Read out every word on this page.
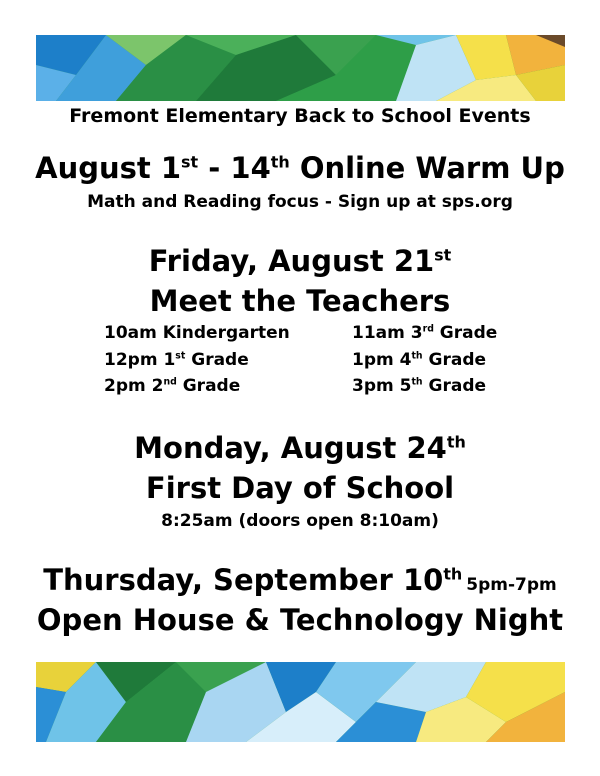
Fremont Elementary Back to School Events
August 1st - 14th Online Warm Up
Math and Reading focus - Sign up at sps.org
Friday, August 21st
Meet the Teachers
10am Kindergarten	11am 3rd Grade
12pm 1st Grade	1pm 4th Grade
2pm 2nd Grade	3pm 5th Grade
Monday, August 24th
First Day of School
8:25am (doors open 8:10am)
Thursday, September 10th5pm-7pm
Open House & Technology Night
